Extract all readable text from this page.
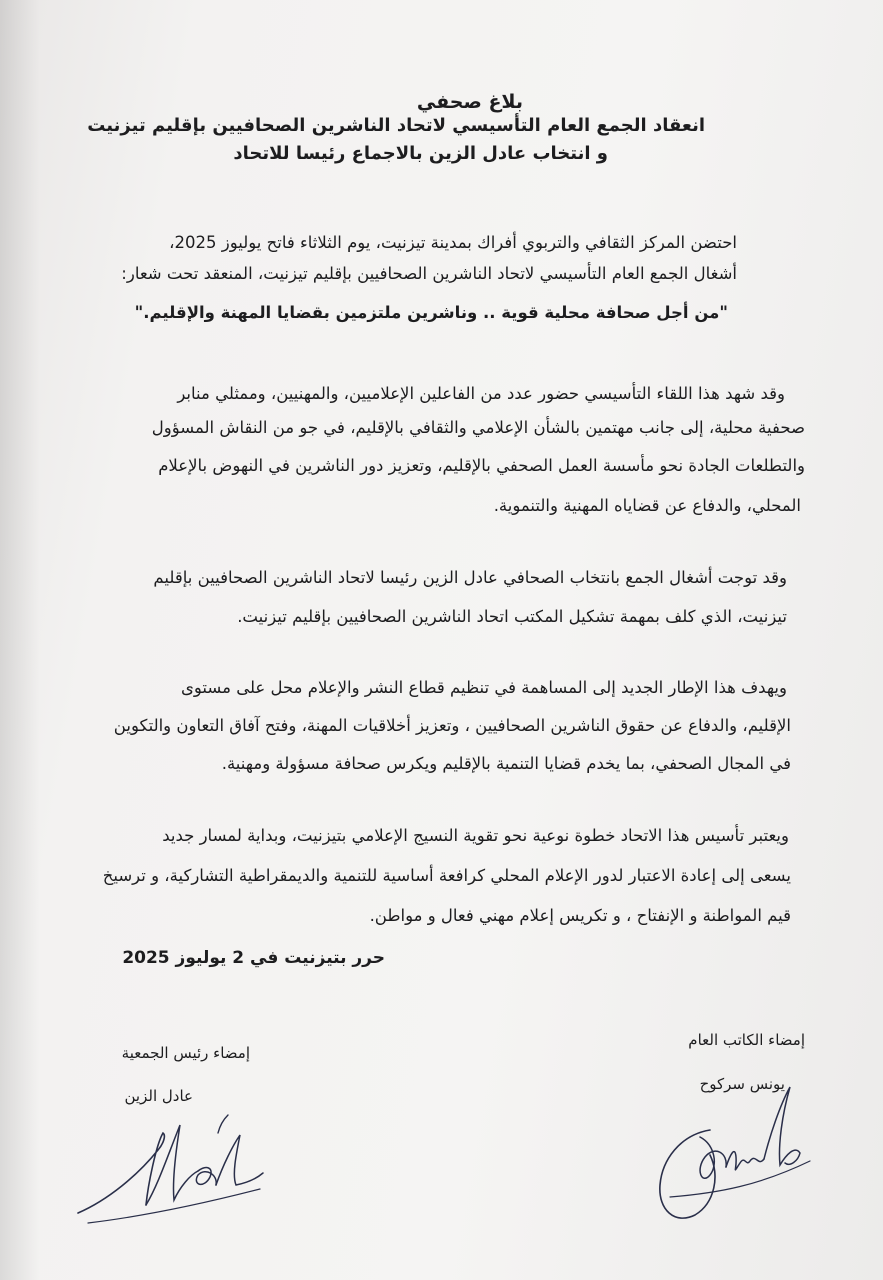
بلاغ صحفي
انعقاد الجمع العام التأسيسي لاتحاد الناشرين الصحافيين بإقليم تيزنيت
و انتخاب عادل الزين بالاجماع رئيسا للاتحاد
احتضن المركز الثقافي والتربوي أفراك بمدينة تيزنيت، يوم الثلاثاء فاتح يوليوز 2025،
أشغال الجمع العام التأسيسي لاتحاد الناشرين الصحافيين بإقليم تيزنيت، المنعقد تحت شعار:
"من أجل صحافة محلية قوية .. وناشرين ملتزمين بقضايا المهنة والإقليم."
وقد شهد هذا اللقاء التأسيسي حضور عدد من الفاعلين الإعلاميين، والمهنيين، وممثلي منابر
صحفية محلية، إلى جانب مهتمين بالشأن الإعلامي والثقافي بالإقليم، في جو من النقاش المسؤول
والتطلعات الجادة نحو مأسسة العمل الصحفي بالإقليم، وتعزيز دور الناشرين في النهوض بالإعلام
المحلي، والدفاع عن قضاياه المهنية والتنموية.
وقد توجت أشغال الجمع بانتخاب الصحافي عادل الزين رئيسا لاتحاد الناشرين الصحافيين بإقليم
تيزنيت، الذي كلف بمهمة تشكيل المكتب اتحاد الناشرين الصحافيين بإقليم تيزنيت.
ويهدف هذا الإطار الجديد إلى المساهمة في تنظيم قطاع النشر والإعلام محل على مستوى
الإقليم، والدفاع عن حقوق الناشرين الصحافيين ، وتعزيز أخلاقيات المهنة، وفتح آفاق التعاون والتكوين
في المجال الصحفي، بما يخدم قضايا التنمية بالإقليم ويكرس صحافة مسؤولة ومهنية.
ويعتبر تأسيس هذا الاتحاد خطوة نوعية نحو تقوية النسيج الإعلامي بتيزنيت، وبداية لمسار جديد
يسعى إلى إعادة الاعتبار لدور الإعلام المحلي كرافعة أساسية للتنمية والديمقراطية التشاركية، و ترسيخ
قيم المواطنة و الإنفتاح ، و تكريس إعلام مهني فعال و مواطن.
حرر بتيزنيت في 2 يوليوز 2025
إمضاء الكاتب العام
يونس سركوح
إمضاء رئيس الجمعية
عادل الزين
